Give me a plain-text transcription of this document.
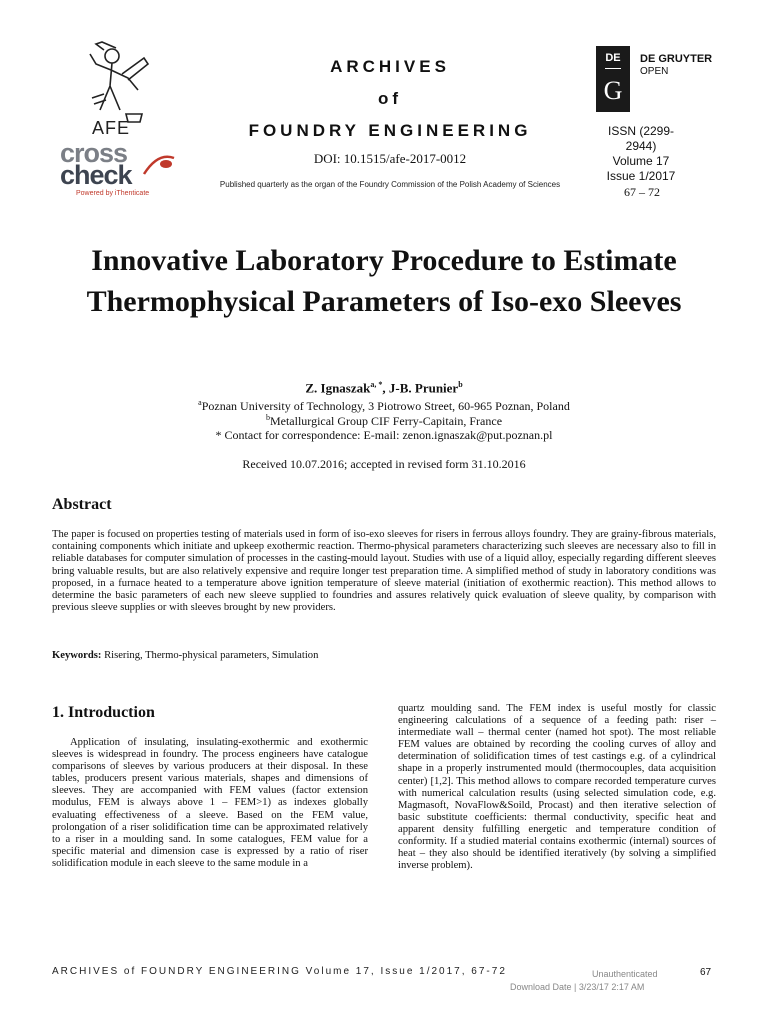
AFE
cross
check
Powered by iThenticate
ARCHIVES
of
FOUNDRY ENGINEERING
DOI: 10.1515/afe-2017-0012
Published quarterly as the organ of the Foundry Commission of the Polish Academy of Sciences
DE
G
DE GRUYTER
OPEN
ISSN (2299-2944)
Volume 17
Issue 1/2017
67 – 72
Innovative Laboratory Procedure to Estimate Thermophysical Parameters of Iso-exo Sleeves
Z. Ignaszak$^{a, *}$, J-B. Prunier$^b$
$^a$Poznan University of Technology, 3 Piotrowo Street, 60-965 Poznan, Poland
$^b$Metallurgical Group CIF Ferry-Capitain, France
* Contact for correspondence: E-mail: zenon.ignaszak@put.poznan.pl
Received 10.07.2016; accepted in revised form 31.10.2016
Abstract
The paper is focused on properties testing of materials used in form of iso-exo sleeves for risers in ferrous alloys foundry. They are grainy-fibrous materials, containing components which initiate and upkeep exothermic reaction. Thermo-physical parameters characterizing such sleeves are necessary also to fill in reliable databases for computer simulation of processes in the casting-mould layout. Studies with use of a liquid alloy, especially regarding different sleeves bring valuable results, but are also relatively expensive and require longer test preparation time. A simplified method of study in laboratory conditions was proposed, in a furnace heated to a temperature above ignition temperature of sleeve material (initiation of exothermic reaction). This method allows to determine the basic parameters of each new sleeve supplied to foundries and assures relatively quick evaluation of sleeve quality, by comparison with previous sleeve supplies or with sleeves brought by new providers.
Keywords: Risering, Thermo-physical parameters, Simulation
1. Introduction
Application of insulating, insulating-exothermic and exothermic sleeves is widespread in foundry. The process engineers have catalogue comparisons of sleeves by various producers at their disposal. In these tables, producers present various materials, shapes and dimensions of sleeves. They are accompanied with FEM values (factor extension modulus, FEM is always above 1 – FEM>1) as indexes globally evaluating effectiveness of a sleeve. Based on the FEM value, prolongation of a riser solidification time can be approximated relatively to a riser in a moulding sand. In some catalogues, FEM value for a specific material and dimension case is expressed by a ratio of riser solidification module in each sleeve to the same module in a
quartz moulding sand. The FEM index is useful mostly for classic engineering calculations of a sequence of a feeding path: riser – intermediate wall – thermal center (named hot spot). The most reliable FEM values are obtained by recording the cooling curves of alloy and determination of solidification times of test castings e.g. of a cylindrical shape in a properly instrumented mould (thermocouples, data acquisition center) [1,2]. This method allows to compare recorded temperature curves with numerical calculation results (using selected simulation code, e.g. Magmasoft, NovaFlow&Soild, Procast) and then iterative selection of basic substitute coefficients: thermal conductivity, specific heat and apparent density fulfilling energetic and temperature condition of conformity. If a studied material contains exothermic (internal) sources of heat – they also should be identified iteratively (by solving a simplified inverse problem).
ARCHIVES of FOUNDRY ENGINEERING Volume 17, Issue 1/2017, 67-72	Unauthenticated	67
Download Date | 3/23/17 2:17 AM
